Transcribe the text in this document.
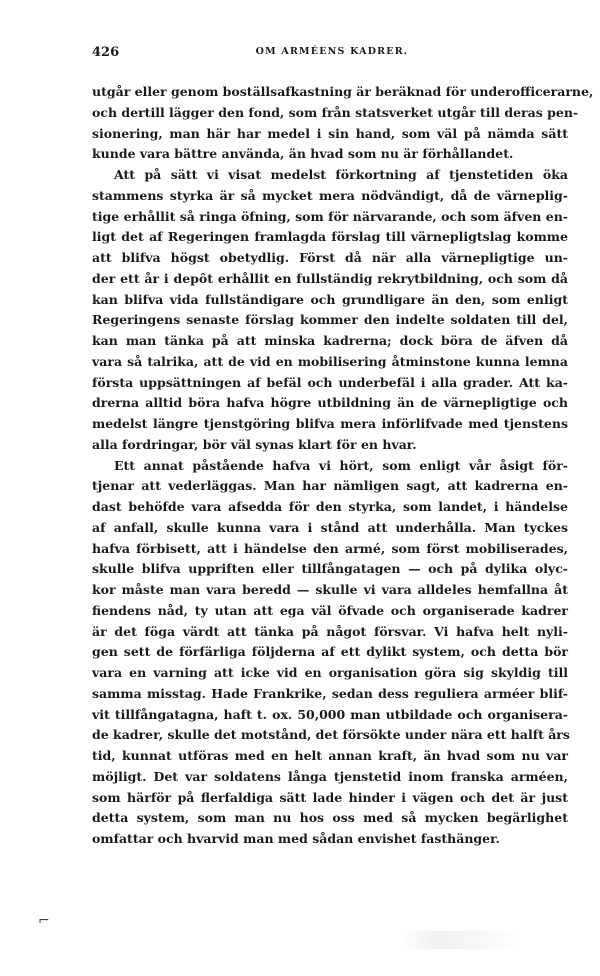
426	OM ARMÉENS KADRER.
utgår eller genom boställsafkastning är beräknad för underofficerarne,
och dertill lägger den fond, som från statsverket utgår till deras pen-
sionering, man här har medel i sin hand, som väl på nämda sätt
kunde vara bättre använda, än hvad som nu är förhållandet.
Att på sätt vi visat medelst förkortning af tjenstetiden öka
stammens styrka är så mycket mera nödvändigt, då de värneplig-
tige erhållit så ringa öfning, som för närvarande, och som äfven en-
ligt det af Regeringen framlagda förslag till värnepligtslag komme
att blifva högst obetydlig. Först då när alla värnepligtige un-
der ett år i depôt erhållit en fullständig rekrytbildning, och som då
kan blifva vida fullständigare och grundligare än den, som enligt
Regeringens senaste förslag kommer den indelte soldaten till del,
kan man tänka på att minska kadrerna; dock böra de äfven då
vara så talrika, att de vid en mobilisering åtminstone kunna lemna
första uppsättningen af befäl och underbefäl i alla grader. Att ka-
drerna alltid böra hafva högre utbildning än de värnepligtige och
medelst längre tjenstgöring blifva mera införlifvade med tjenstens
alla fordringar, bör väl synas klart för en hvar.
Ett annat påstående hafva vi hört, som enligt vår åsigt för-
tjenar att vederläggas. Man har nämligen sagt, att kadrerna en-
dast behöfde vara afsedda för den styrka, som landet, i händelse
af anfall, skulle kunna vara i stånd att underhålla. Man tyckes
hafva förbisett, att i händelse den armé, som först mobiliserades,
skulle blifva uppriften eller tillfångatagen — och på dylika olyc-
kor måste man vara beredd — skulle vi vara alldeles hemfallna åt
fiendens nåd, ty utan att ega väl öfvade och organiserade kadrer
är det föga värdt att tänka på något försvar. Vi hafva helt nyli-
gen sett de förfärliga följderna af ett dylikt system, och detta bör
vara en varning att icke vid en organisation göra sig skyldig till
samma misstag. Hade Frankrike, sedan dess reguliera arméer blif-
vit tillfångatagna, haft t. ox. 50,000 man utbildade och organisera-
de kadrer, skulle det motstånd, det försökte under nära ett halft års
tid, kunnat utföras med en helt annan kraft, än hvad som nu var
möjligt. Det var soldatens långa tjenstetid inom franska arméen,
som härför på flerfaldiga sätt lade hinder i vägen och det är just
detta system, som man nu hos oss med så mycken begärlighet
omfattar och hvarvid man med sådan envishet fasthänger.
⌐
